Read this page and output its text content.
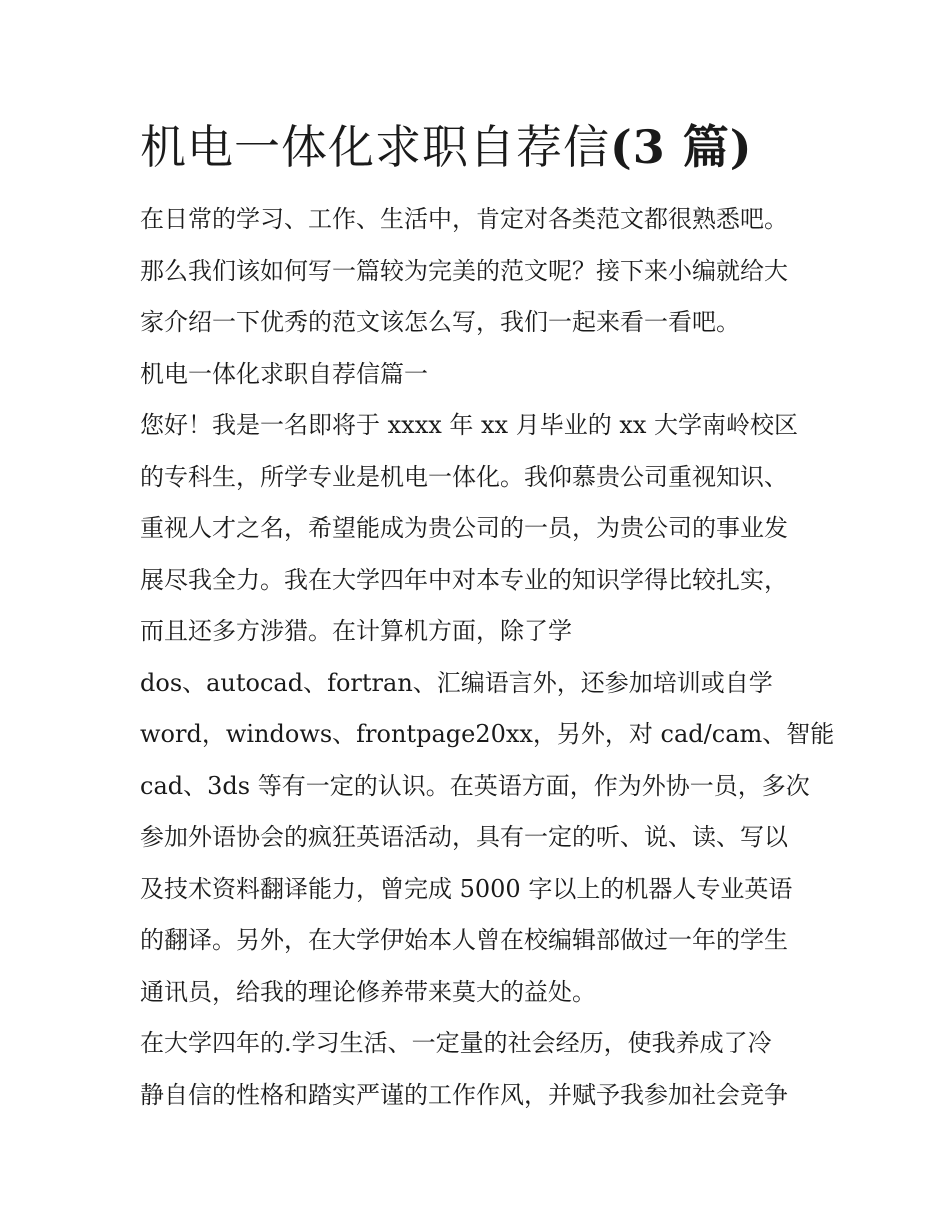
机电一体化求职自荐信(3 篇)

在日常的学习、工作、生活中，肯定对各类范文都很熟悉吧。

那么我们该如何写一篇较为完美的范文呢？接下来小编就给大

家介绍一下优秀的范文该怎么写，我们一起来看一看吧。

机电一体化求职自荐信篇一

您好！我是一名即将于 xxxx 年 xx 月毕业的 xx 大学南岭校区

的专科生，所学专业是机电一体化。我仰慕贵公司重视知识、

重视人才之名，希望能成为贵公司的一员，为贵公司的事业发

展尽我全力。我在大学四年中对本专业的知识学得比较扎实，

而且还多方涉猎。在计算机方面，除了学

dos、autocad、fortran、汇编语言外，还参加培训或自学

word，windows、frontpage20xx，另外，对 cad/cam、智能

cad、3ds 等有一定的认识。在英语方面，作为外协一员，多次

参加外语协会的疯狂英语活动，具有一定的听、说、读、写以

及技术资料翻译能力，曾完成 5000 字以上的机器人专业英语

的翻译。另外，在大学伊始本人曾在校编辑部做过一年的学生

通讯员，给我的理论修养带来莫大的益处。

在大学四年的.学习生活、一定量的社会经历，使我养成了冷

静自信的性格和踏实严谨的工作作风，并赋予我参加社会竞争
